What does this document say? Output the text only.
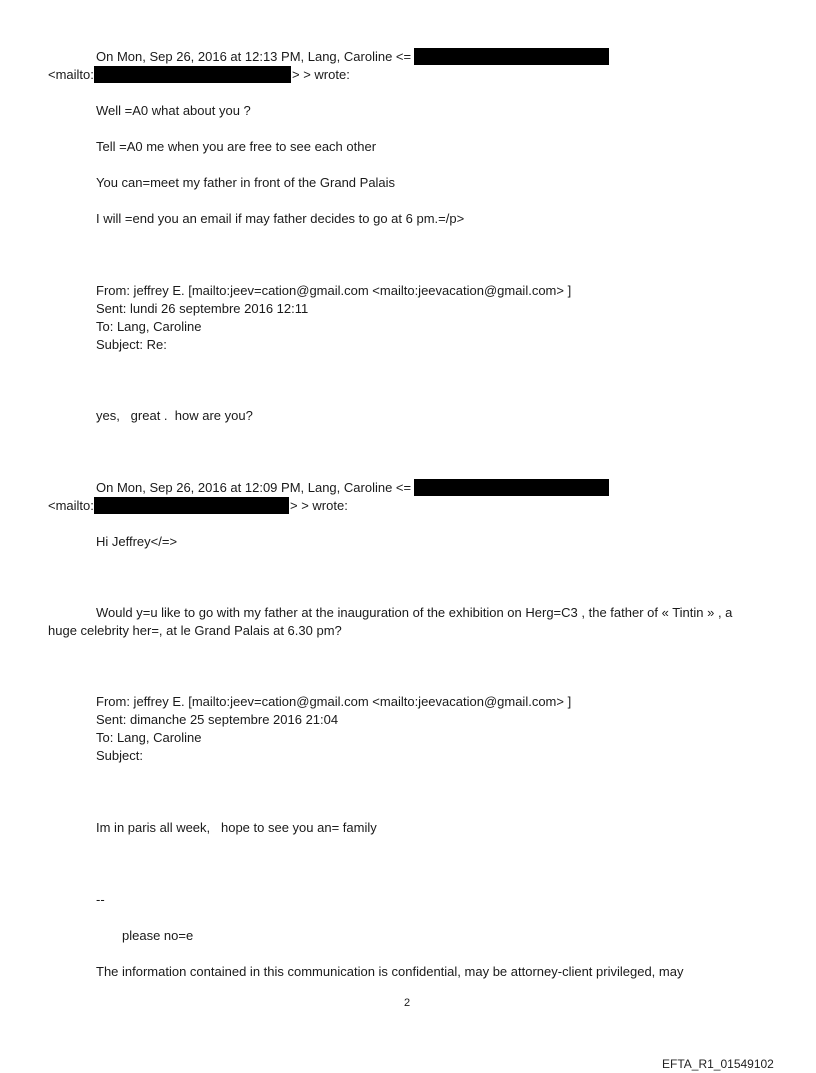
On Mon, Sep 26, 2016 at 12:13 PM, Lang, Caroline <=

<mailto:	> > wrote:

Well =A0 what about you ?

Tell =A0 me when you are free to see each other

You can=meet my father in front of the Grand Palais

I will =end you an email if may father decides to go at 6 pm.=/p>

From: jeffrey E. [mailto:jeev=cation@gmail.com <mailto:jeevacation@gmail.com> ]

Sent: lundi 26 septembre 2016 12:11

To: Lang, Caroline

Subject: Re:

yes,   great .  how are you?

On Mon, Sep 26, 2016 at 12:09 PM, Lang, Caroline <=

<mailto:	> > wrote:

Hi Jeffrey</=>

Would y=u like to go with my father at the inauguration of the exhibition on Herg=C3 , the father of « Tintin » , a

huge celebrity her=, at le Grand Palais at 6.30 pm?

From: jeffrey E. [mailto:jeev=cation@gmail.com <mailto:jeevacation@gmail.com> ]

Sent: dimanche 25 septembre 2016 21:04

To: Lang, Caroline

Subject:

Im in paris all week,   hope to see you an= family

--

please no=e

The information contained in this communication is confidential, may be attorney-client privileged, may

2
EFTA_R1_01549102
